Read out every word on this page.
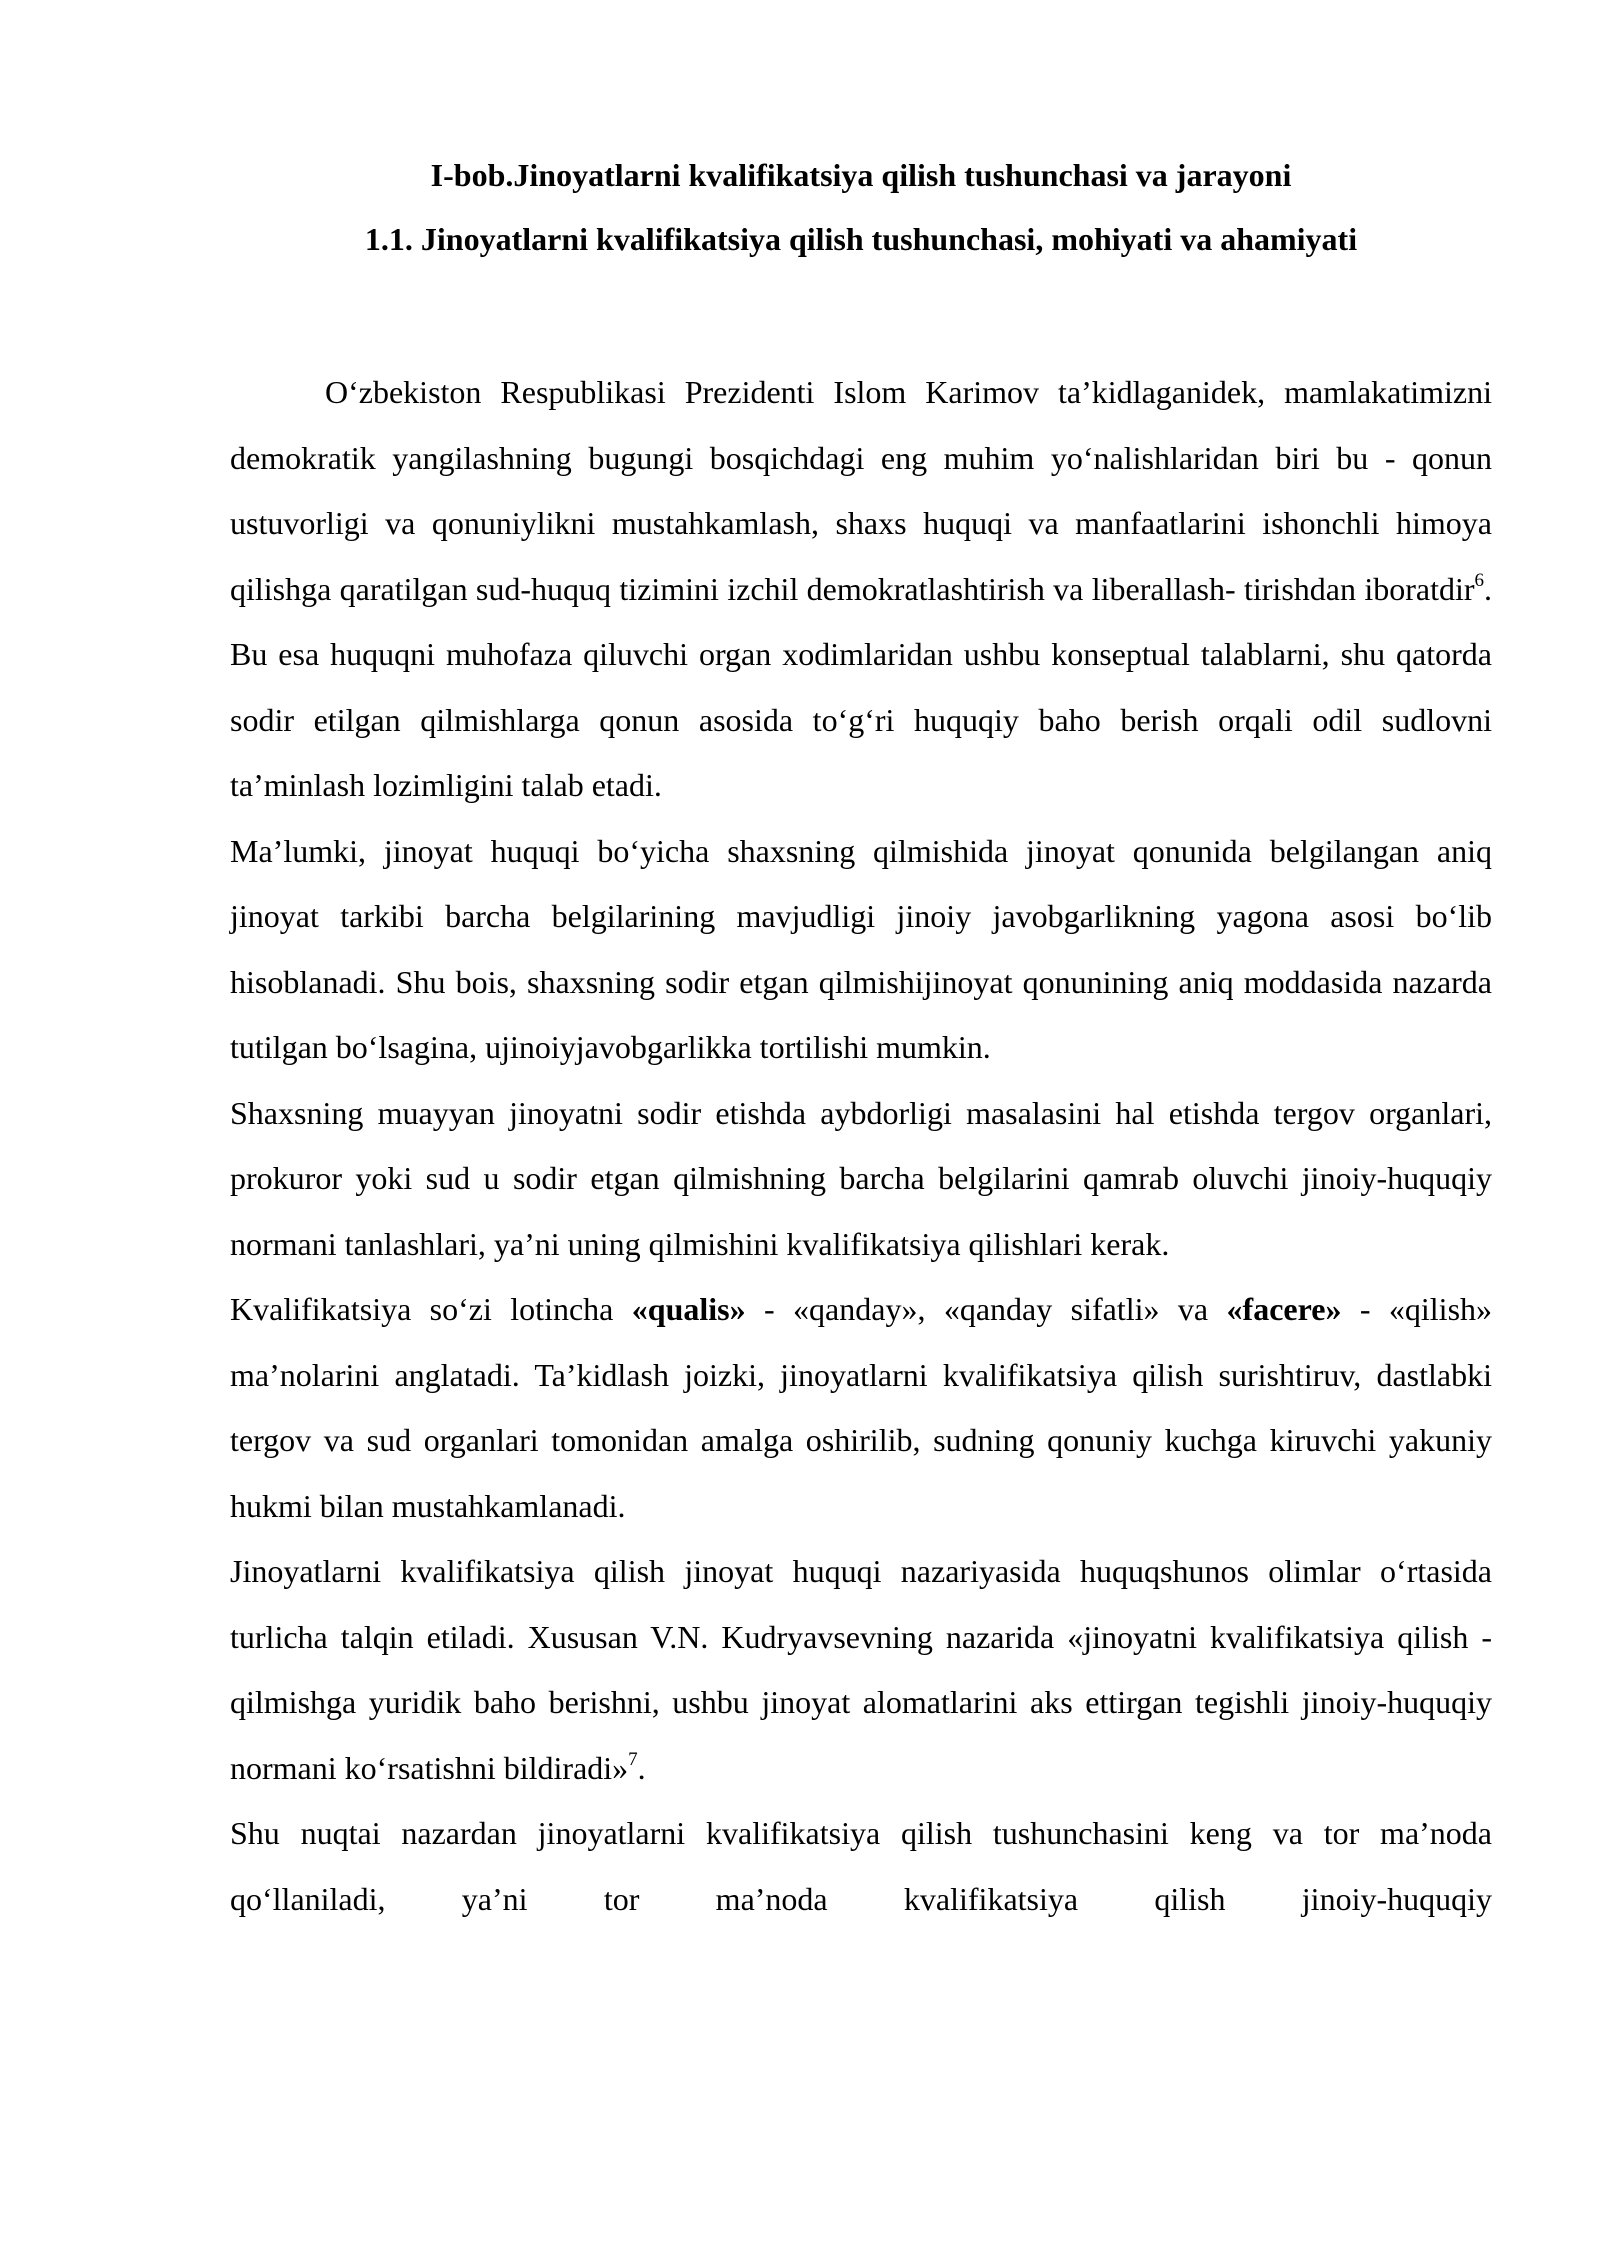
I-bob.Jinoyatlarni kvalifikatsiya qilish tushunchasi va jarayoni
1.1. Jinoyatlarni kvalifikatsiya qilish tushunchasi, mohiyati va ahamiyati

O‘zbekiston Respublikasi Prezidenti Islom Karimov ta’kidlaganidek, mamlakatimizni demokratik yangilashning bugungi bosqichdagi eng muhim yo‘nalishlaridan biri bu - qonun ustuvorligi va qonuniylikni mustahkamlash, shaxs huquqi va manfaatlarini ishonchli himoya qilishga qaratilgan sud-huquq tizimini izchil demokratlashtirish va liberallash- tirishdan iboratdir$^6$. Bu esa huquqni muhofaza qiluvchi organ xodimlaridan ushbu konseptual talablarni, shu qatorda sodir etilgan qilmishlarga qonun asosida to‘g‘ri huquqiy baho berish orqali odil sudlovni ta’minlash lozimligini talab etadi.

Ma’lumki, jinoyat huquqi bo‘yicha shaxsning qilmishida jinoyat qonunida belgilangan aniq jinoyat tarkibi barcha belgilarining mavjudligi jinoiy javobgarlikning yagona asosi bo‘lib hisoblanadi. Shu bois, shaxsning sodir etgan qilmishijinoyat qonunining aniq moddasida nazarda tutilgan bo‘lsagina, ujinoiyjavobgarlikka tortilishi mumkin.

Shaxsning muayyan jinoyatni sodir etishda aybdorligi masalasini hal etishda tergov organlari, prokuror yoki sud u sodir etgan qilmishning barcha belgilarini qamrab oluvchi jinoiy-huquqiy normani tanlashlari, ya’ni uning qilmishini kvalifikatsiya qilishlari kerak.

Kvalifikatsiya so‘zi lotincha «qualis» - «qanday», «qanday sifatli» va «facere» - «qilish» ma’nolarini anglatadi. Ta’kidlash joizki, jinoyatlarni kvalifikatsiya qilish surishtiruv, dastlabki tergov va sud organlari tomonidan amalga oshirilib, sudning qonuniy kuchga kiruvchi yakuniy hukmi bilan mustahkamlanadi.

Jinoyatlarni kvalifikatsiya qilish jinoyat huquqi nazariyasida huquqshunos olimlar o‘rtasida turlicha talqin etiladi. Xususan V.N. Kudryavsevning nazarida «jinoyatni kvalifikatsiya qilish - qilmishga yuridik baho berishni, ushbu jinoyat alomatlarini aks ettirgan tegishli jinoiy-huquqiy normani ko‘rsatishni bildiradi»$^7$.

Shu nuqtai nazardan jinoyatlarni kvalifikatsiya qilish tushunchasini keng va tor ma’noda qo‘llaniladi, ya’ni tor ma’noda kvalifikatsiya qilish jinoiy-huquqiy
